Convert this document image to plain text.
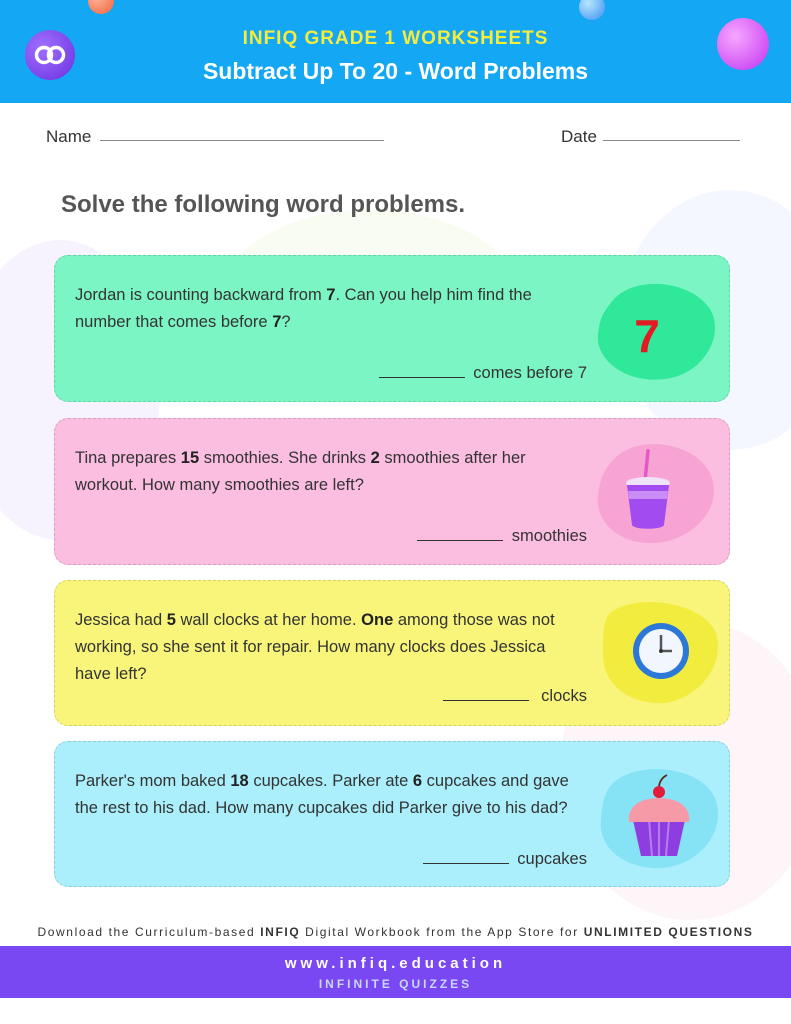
INFIQ GRADE 1 WORKSHEETS
Subtract Up To 20 - Word Problems
Name	Date
Solve the following word problems.
Jordan is counting backward from 7. Can you help him find the number that comes before 7?
comes before 7
7
Tina prepares 15 smoothies. She drinks 2 smoothies after her workout. How many smoothies are left?
smoothies
Jessica had 5 wall clocks at her home. One among those was not working, so she sent it for repair. How many clocks does Jessica have left?
clocks
Parker's mom baked 18 cupcakes. Parker ate 6 cupcakes and gave the rest to his dad. How many cupcakes did Parker give to his dad?
cupcakes
Download the Curriculum-based INFIQ Digital Workbook from the App Store for UNLIMITED QUESTIONS
www.infiq.education
INFINITE QUIZZES
